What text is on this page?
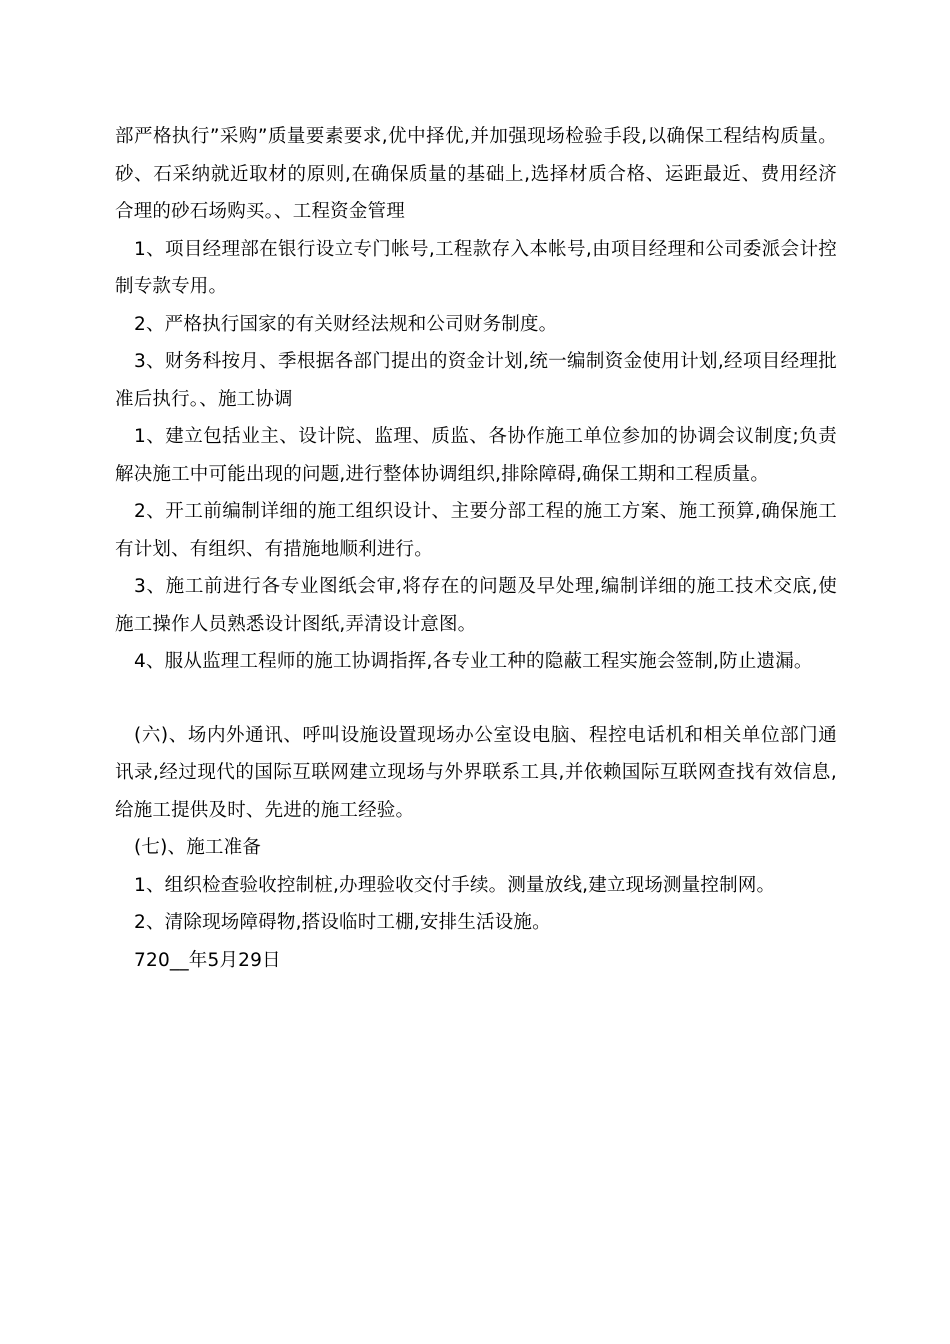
部严格执行”采购”质量要素要求,优中择优,并加强现场检验手段,以确保工程结构质量。砂、石采纳就近取材的原则,在确保质量的基础上,选择材质合格、运距最近、费用经济合理的砂石场购买。、工程资金管理

1、项目经理部在银行设立专门帐号,工程款存入本帐号,由项目经理和公司委派会计控制专款专用。

2、严格执行国家的有关财经法规和公司财务制度。

3、财务科按月、季根据各部门提出的资金计划,统一编制资金使用计划,经项目经理批准后执行。、施工协调

1、建立包括业主、设计院、监理、质监、各协作施工单位参加的协调会议制度;负责解决施工中可能出现的问题,进行整体协调组织,排除障碍,确保工期和工程质量。

2、开工前编制详细的施工组织设计、主要分部工程的施工方案、施工预算,确保施工有计划、有组织、有措施地顺利进行。

3、施工前进行各专业图纸会审,将存在的问题及早处理,编制详细的施工技术交底,使施工操作人员熟悉设计图纸,弄清设计意图。

4、服从监理工程师的施工协调指挥,各专业工种的隐蔽工程实施会签制,防止遗漏。

(六)、场内外通讯、呼叫设施设置现场办公室设电脑、程控电话机和相关单位部门通讯录,经过现代的国际互联网建立现场与外界联系工具,并依赖国际互联网查找有效信息,给施工提供及时、先进的施工经验。

(七)、施工准备

1、组织检查验收控制桩,办理验收交付手续。测量放线,建立现场测量控制网。

2、清除现场障碍物,搭设临时工棚,安排生活设施。

720__年5月29日
